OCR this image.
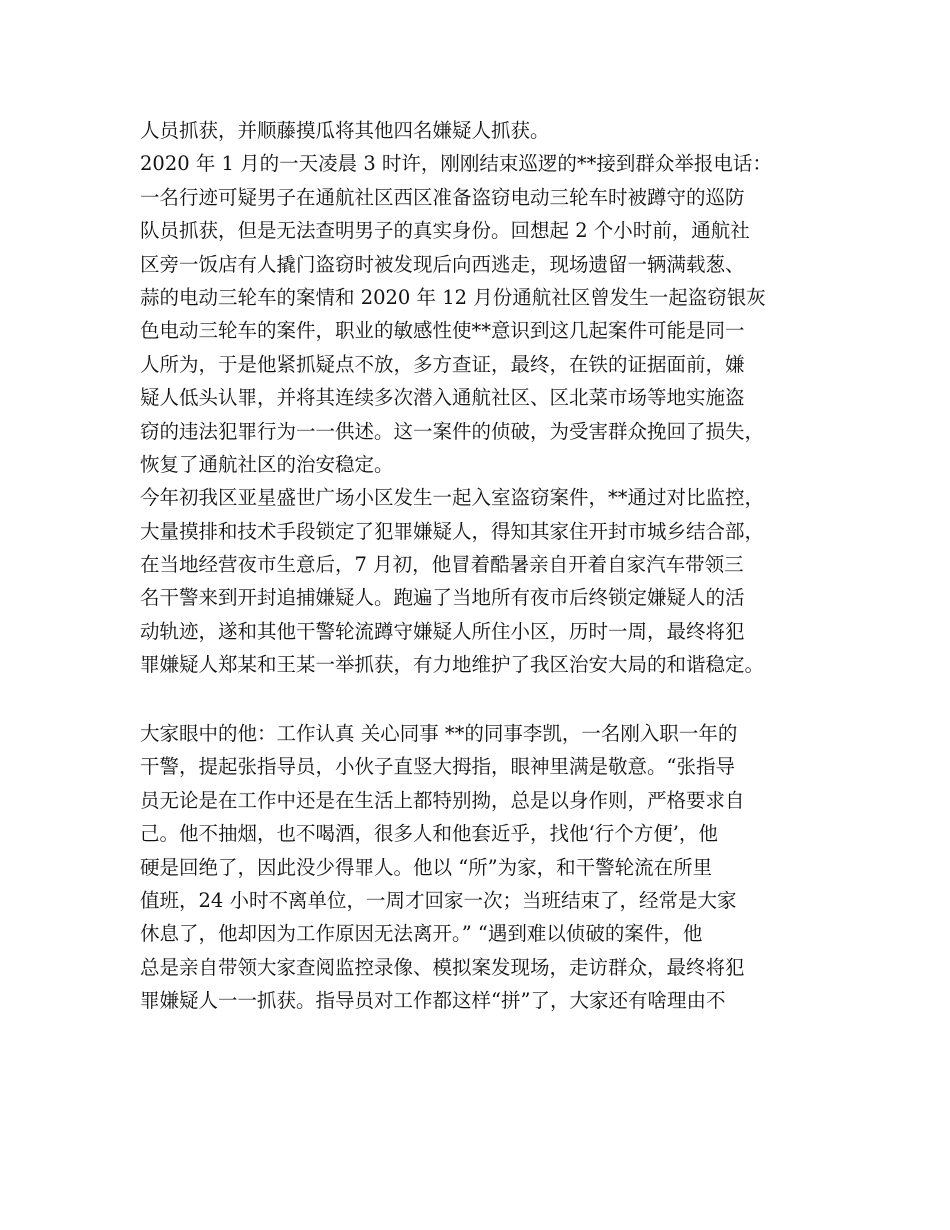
人员抓获，并顺藤摸瓜将其他四名嫌疑人抓获。
2020 年 1 月的一天凌晨 3 时许，刚刚结束巡逻的**接到群众举报电话：
一名行迹可疑男子在通航社区西区准备盗窃电动三轮车时被蹲守的巡防
队员抓获，但是无法查明男子的真实身份。回想起 2 个小时前，通航社
区旁一饭店有人撬门盗窃时被发现后向西逃走，现场遗留一辆满载葱、
蒜的电动三轮车的案情和 2020 年 12 月份通航社区曾发生一起盗窃银灰
色电动三轮车的案件，职业的敏感性使**意识到这几起案件可能是同一
人所为，于是他紧抓疑点不放，多方查证，最终，在铁的证据面前，嫌
疑人低头认罪，并将其连续多次潜入通航社区、区北菜市场等地实施盗
窃的违法犯罪行为一一供述。这一案件的侦破，为受害群众挽回了损失，
恢复了通航社区的治安稳定。
今年初我区亚星盛世广场小区发生一起入室盗窃案件，**通过对比监控，
大量摸排和技术手段锁定了犯罪嫌疑人，得知其家住开封市城乡结合部，
在当地经营夜市生意后，7 月初，他冒着酷暑亲自开着自家汽车带领三
名干警来到开封追捕嫌疑人。跑遍了当地所有夜市后终锁定嫌疑人的活
动轨迹，遂和其他干警轮流蹲守嫌疑人所住小区，历时一周，最终将犯
罪嫌疑人郑某和王某一举抓获，有力地维护了我区治安大局的和谐稳定。
大家眼中的他：工作认真 关心同事 **的同事李凯，一名刚入职一年的
干警，提起张指导员，小伙子直竖大拇指，眼神里满是敬意。“张指导
员无论是在工作中还是在生活上都特别拗，总是以身作则，严格要求自
己。他不抽烟，也不喝酒，很多人和他套近乎，找他‘行个方便’，他
硬是回绝了，因此没少得罪人。他以 “所”为家，和干警轮流在所里
值班，24 小时不离单位，一周才回家一次；当班结束了，经常是大家
休息了，他却因为工作原因无法离开。” “遇到难以侦破的案件，他
总是亲自带领大家查阅监控录像、模拟案发现场，走访群众，最终将犯
罪嫌疑人一一抓获。指导员对工作都这样“拼”了，大家还有啥理由不
